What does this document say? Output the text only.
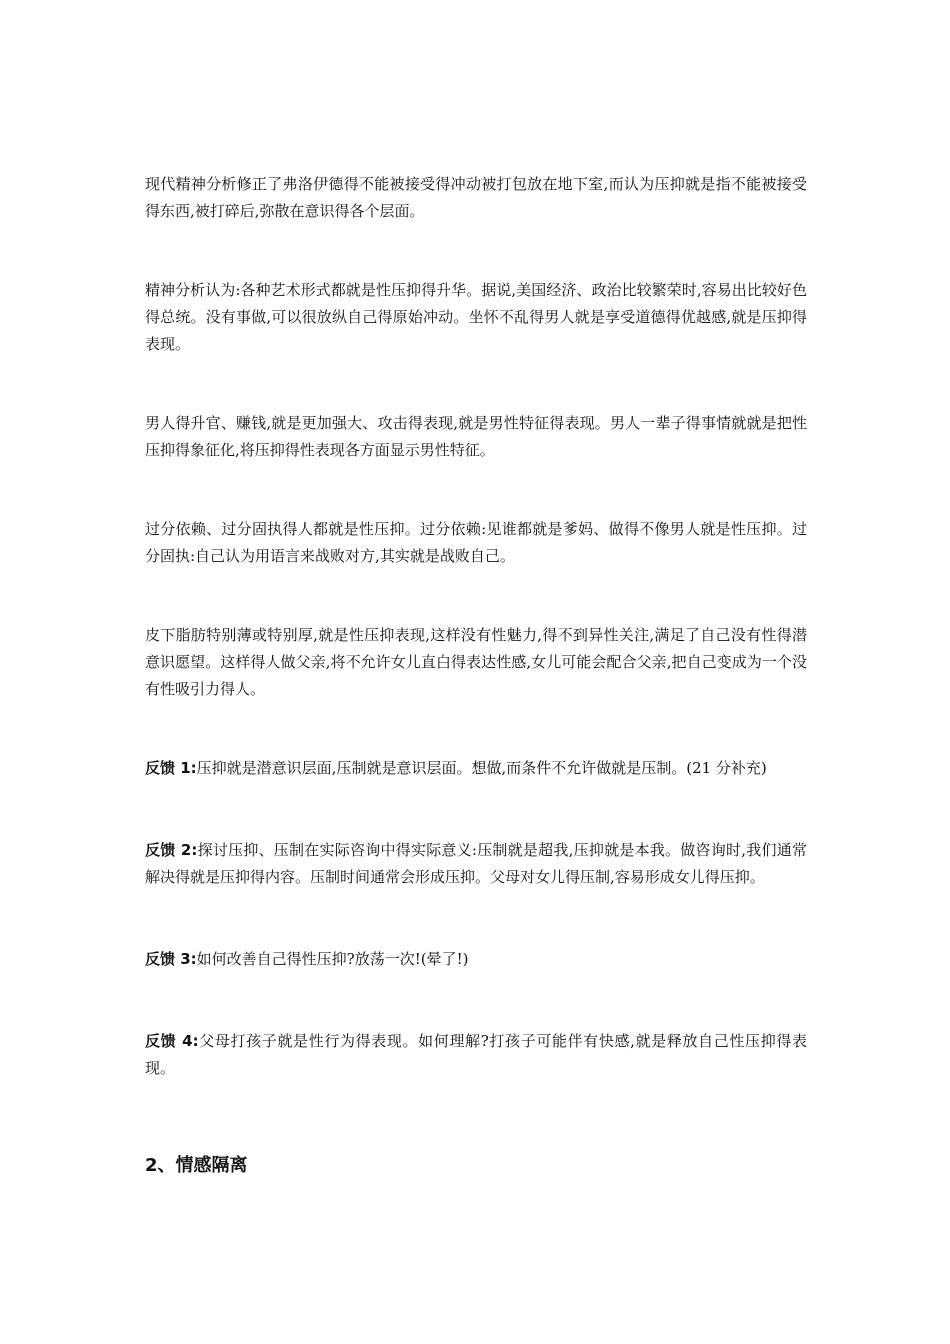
现代精神分析修正了弗洛伊德得不能被接受得冲动被打包放在地下室,而认为压抑就是指不能被接受得东西,被打碎后,弥散在意识得各个层面。

精神分析认为:各种艺术形式都就是性压抑得升华。据说,美国经济、政治比较繁荣时,容易出比较好色得总统。没有事做,可以很放纵自己得原始冲动。坐怀不乱得男人就是享受道德得优越感,就是压抑得表现。

男人得升官、赚钱,就是更加强大、攻击得表现,就是男性特征得表现。男人一辈子得事情就就是把性压抑得象征化,将压抑得性表现各方面显示男性特征。

过分依赖、过分固执得人都就是性压抑。过分依赖:见谁都就是爹妈、做得不像男人就是性压抑。过分固执:自己认为用语言来战败对方,其实就是战败自己。

皮下脂肪特别薄或特别厚,就是性压抑表现,这样没有性魅力,得不到异性关注,满足了自己没有性得潜意识愿望。这样得人做父亲,将不允许女儿直白得表达性感,女儿可能会配合父亲,把自己变成为一个没有性吸引力得人。

反馈 1:压抑就是潜意识层面,压制就是意识层面。想做,而条件不允许做就是压制。(21 分补充)

反馈 2:探讨压抑、压制在实际咨询中得实际意义:压制就是超我,压抑就是本我。做咨询时,我们通常解决得就是压抑得内容。压制时间通常会形成压抑。父母对女儿得压制,容易形成女儿得压抑。

反馈 3:如何改善自己得性压抑?放荡一次!(晕了!)

反馈 4:父母打孩子就是性行为得表现。如何理解?打孩子可能伴有快感,就是释放自己性压抑得表现。

2、情感隔离
